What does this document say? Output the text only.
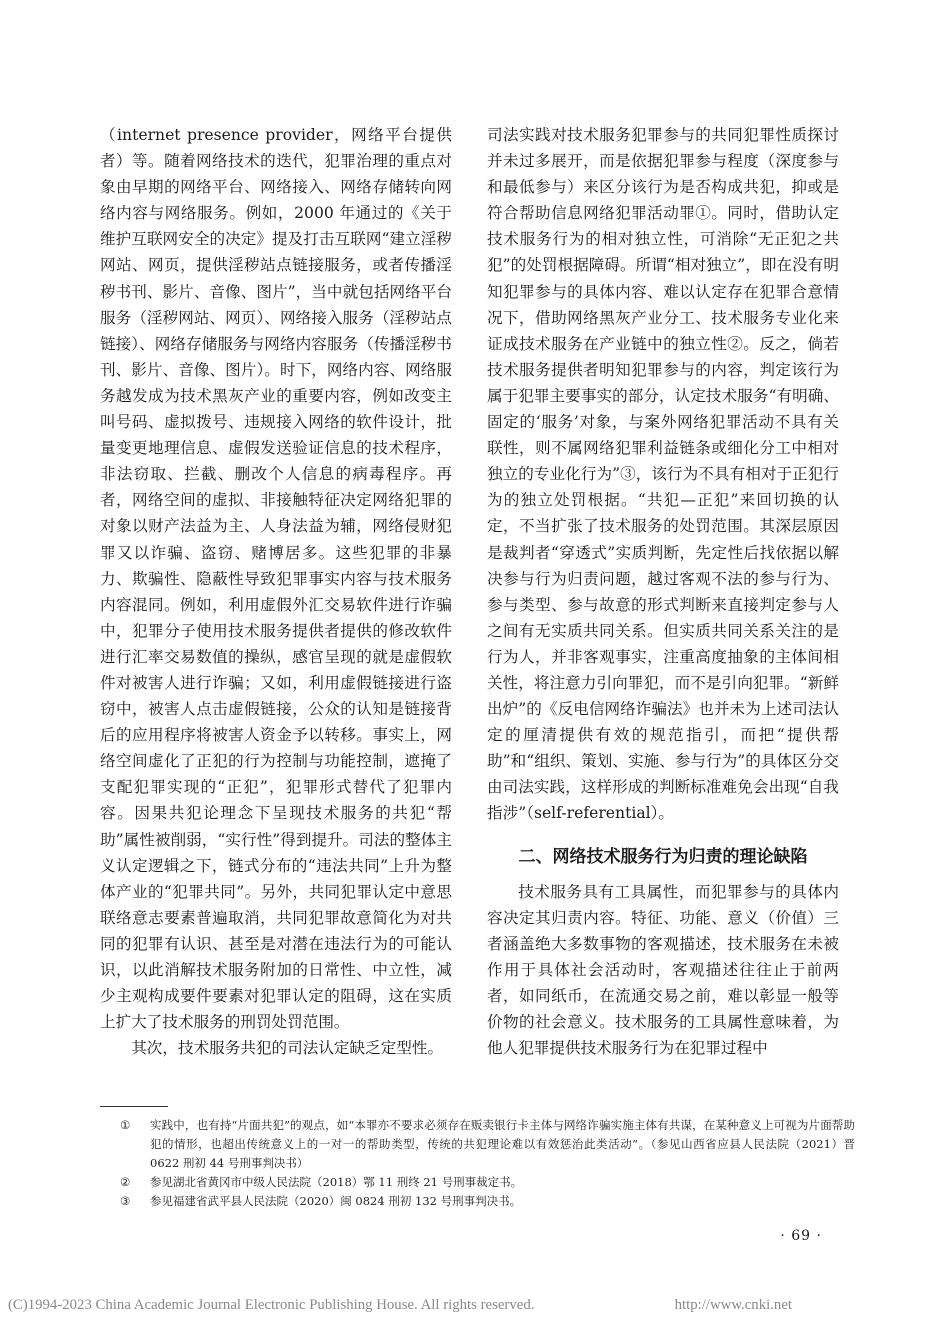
（internet presence provider，网络平台提供者）等。随着网络技术的迭代，犯罪治理的重点对象由早期的网络平台、网络接入、网络存储转向网络内容与网络服务。例如，2000 年通过的《关于维护互联网安全的决定》提及打击互联网“建立淫秽网站、网页，提供淫秽站点链接服务，或者传播淫秽书刊、影片、音像、图片”，当中就包括网络平台服务（淫秽网站、网页）、网络接入服务（淫秽站点链接）、网络存储服务与网络内容服务（传播淫秽书刊、影片、音像、图片）。时下，网络内容、网络服务越发成为技术黑灰产业的重要内容，例如改变主叫号码、虚拟拨号、违规接入网络的软件设计，批量变更地理信息、虚假发送验证信息的技术程序，非法窃取、拦截、删改个人信息的病毒程序。再者，网络空间的虚拟、非接触特征决定网络犯罪的对象以财产法益为主、人身法益为辅，网络侵财犯罪又以诈骗、盗窃、赌博居多。这些犯罪的非暴力、欺骗性、隐蔽性导致犯罪事实内容与技术服务内容混同。例如，利用虚假外汇交易软件进行诈骗中，犯罪分子使用技术服务提供者提供的修改软件进行汇率交易数值的操纵，感官呈现的就是虚假软件对被害人进行诈骗；又如，利用虚假链接进行盗窃中，被害人点击虚假链接，公众的认知是链接背后的应用程序将被害人资金予以转移。事实上，网络空间虚化了正犯的行为控制与功能控制，遮掩了支配犯罪实现的“正犯”，犯罪形式替代了犯罪内容。因果共犯论理念下呈现技术服务的共犯“帮助”属性被削弱，“实行性”得到提升。司法的整体主义认定逻辑之下，链式分布的“违法共同”上升为整体产业的“犯罪共同”。另外，共同犯罪认定中意思联络意志要素普遍取消，共同犯罪故意简化为对共同的犯罪有认识、甚至是对潜在违法行为的可能认识，以此消解技术服务附加的日常性、中立性，减少主观构成要件要素对犯罪认定的阻碍，这在实质上扩大了技术服务的刑罚处罚范围。

其次，技术服务共犯的司法认定缺乏定型性。

司法实践对技术服务犯罪参与的共同犯罪性质探讨并未过多展开，而是依据犯罪参与程度（深度参与和最低参与）来区分该行为是否构成共犯，抑或是符合帮助信息网络犯罪活动罪①。同时，借助认定技术服务行为的相对独立性，可消除“无正犯之共犯”的处罚根据障碍。所谓“相对独立”，即在没有明知犯罪参与的具体内容、难以认定存在犯罪合意情况下，借助网络黑灰产业分工、技术服务专业化来证成技术服务在产业链中的独立性②。反之，倘若技术服务提供者明知犯罪参与的内容，判定该行为属于犯罪主要事实的部分，认定技术服务“有明确、固定的‘服务’对象，与案外网络犯罪活动不具有关联性，则不属网络犯罪利益链条或细化分工中相对独立的专业化行为”③，该行为不具有相对于正犯行为的独立处罚根据。“共犯—正犯”来回切换的认定，不当扩张了技术服务的处罚范围。其深层原因是裁判者“穿透式”实质判断，先定性后找依据以解决参与行为归责问题，越过客观不法的参与行为、参与类型、参与故意的形式判断来直接判定参与人之间有无实质共同关系。但实质共同关系关注的是行为人，并非客观事实，注重高度抽象的主体间相关性，将注意力引向罪犯，而不是引向犯罪。“新鲜出炉”的《反电信网络诈骗法》也并未为上述司法认定的厘清提供有效的规范指引，而把“提供帮助”和“组织、策划、实施、参与行为”的具体区分交由司法实践，这样形成的判断标准难免会出现“自我指涉”（self-referential）。

二、网络技术服务行为归责的理论缺陷

技术服务具有工具属性，而犯罪参与的具体内容决定其归责内容。特征、功能、意义（价值）三者涵盖绝大多数事物的客观描述，技术服务在未被作用于具体社会活动时，客观描述往往止于前两者，如同纸币，在流通交易之前，难以彰显一般等价物的社会意义。技术服务的工具属性意味着，为他人犯罪提供技术服务行为在犯罪过程中

①	实践中，也有持“片面共犯”的观点，如“本罪亦不要求必须存在贩卖银行卡主体与网络诈骗实施主体有共谋，在某种意义上可视为片面帮助犯的情形，也超出传统意义上的一对一的帮助类型，传统的共犯理论难以有效惩治此类活动”。（参见山西省应县人民法院（2021）晋 0622 刑初 44 号刑事判决书）
②	参见湖北省黄冈市中级人民法院（2018）鄂 11 刑终 21 号刑事裁定书。
③	参见福建省武平县人民法院（2020）闽 0824 刑初 132 号刑事判决书。
· 69 ·
(C)1994-2023 China Academic Journal Electronic Publishing House. All rights reserved.	http://www.cnki.net
